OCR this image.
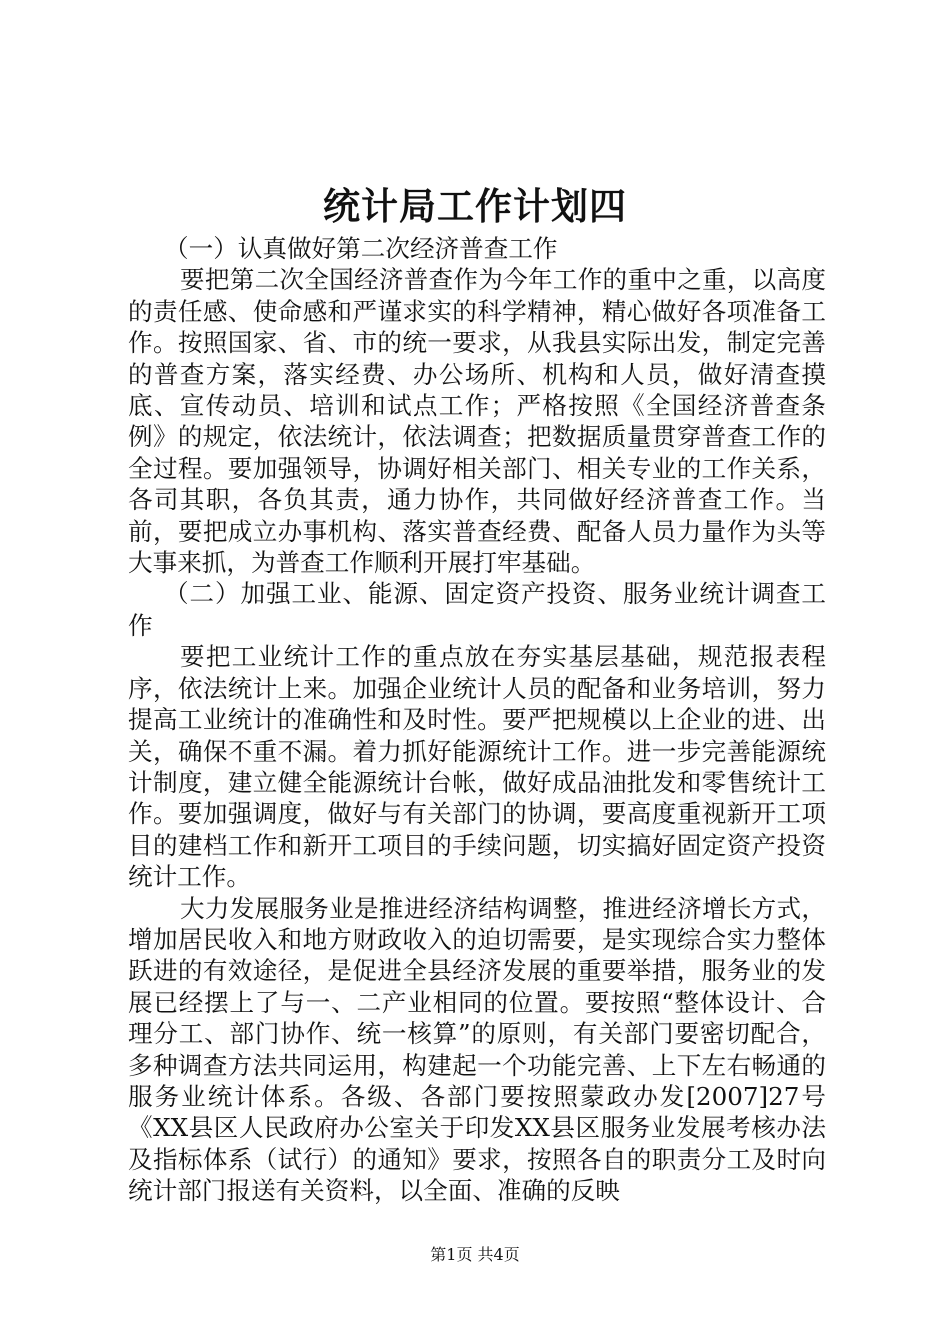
统计局工作计划四

（一）认真做好第二次经济普查工作

要把第二次全国经济普查作为今年工作的重中之重，以高度的责任感、使命感和严谨求实的科学精神，精心做好各项准备工作。按照国家、省、市的统一要求，从我县实际出发，制定完善的普查方案，落实经费、办公场所、机构和人员，做好清查摸底、宣传动员、培训和试点工作；严格按照《全国经济普查条例》的规定，依法统计，依法调查；把数据质量贯穿普查工作的全过程。要加强领导，协调好相关部门、相关专业的工作关系，各司其职，各负其责，通力协作，共同做好经济普查工作。当前，要把成立办事机构、落实普查经费、配备人员力量作为头等大事来抓，为普查工作顺利开展打牢基础。

（二）加强工业、能源、固定资产投资、服务业统计调查工作

要把工业统计工作的重点放在夯实基层基础，规范报表程序，依法统计上来。加强企业统计人员的配备和业务培训，努力提高工业统计的准确性和及时性。要严把规模以上企业的进、出关，确保不重不漏。着力抓好能源统计工作。进一步完善能源统计制度，建立健全能源统计台帐，做好成品油批发和零售统计工作。要加强调度，做好与有关部门的协调，要高度重视新开工项目的建档工作和新开工项目的手续问题，切实搞好固定资产投资统计工作。

大力发展服务业是推进经济结构调整，推进经济增长方式，增加居民收入和地方财政收入的迫切需要，是实现综合实力整体跃进的有效途径，是促进全县经济发展的重要举措，服务业的发展已经摆上了与一、二产业相同的位置。要按照“整体设计、合理分工、部门协作、统一核算”的原则，有关部门要密切配合，多种调查方法共同运用，构建起一个功能完善、上下左右畅通的服务业统计体系。各级、各部门要按照蒙政办发[2007]27号《XX县区人民政府办公室关于印发XX县区服务业发展考核办法及指标体系（试行）的通知》要求，按照各自的职责分工及时向统计部门报送有关资料，以全面、准确的反映

第1页 共4页
